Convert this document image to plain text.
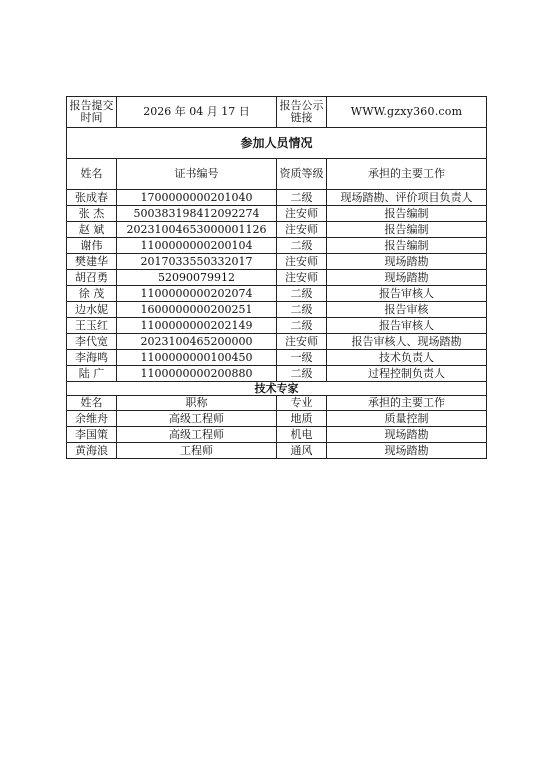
报告提交时间	2026 年 04 月 17 日	报告公示链接	WWW.gzxy360.com
参加人员情况			
姓名	证书编号	资质等级	承担的主要工作
张成春	1700000000201040	二级	现场踏勘、评价项目负责人
张 杰	500383198412092274	注安师	报告编制
赵 斌	20231004653000001126	注安师	报告编制
谢伟	1100000000200104	二级	报告编制
樊建华	2017033550332017	注安师	现场踏勘
胡召勇	52090079912	注安师	现场踏勘
徐 茂	1100000000202074	二级	报告审核人
边水妮	1600000000200251	二级	报告审核
王玉红	1100000000202149	二级	报告审核人
李代宽	2023100465200000	注安师	报告审核人、现场踏勘
李海鸣	1100000000100450	一级	技术负责人
陆 广	1100000000200880	二级	过程控制负责人
技术专家			
姓名	职称	专业	承担的主要工作
余维舟	高级工程师	地质	质量控制
李国策	高级工程师	机电	现场踏勘
黄海浪	工程师	通风	现场踏勘
